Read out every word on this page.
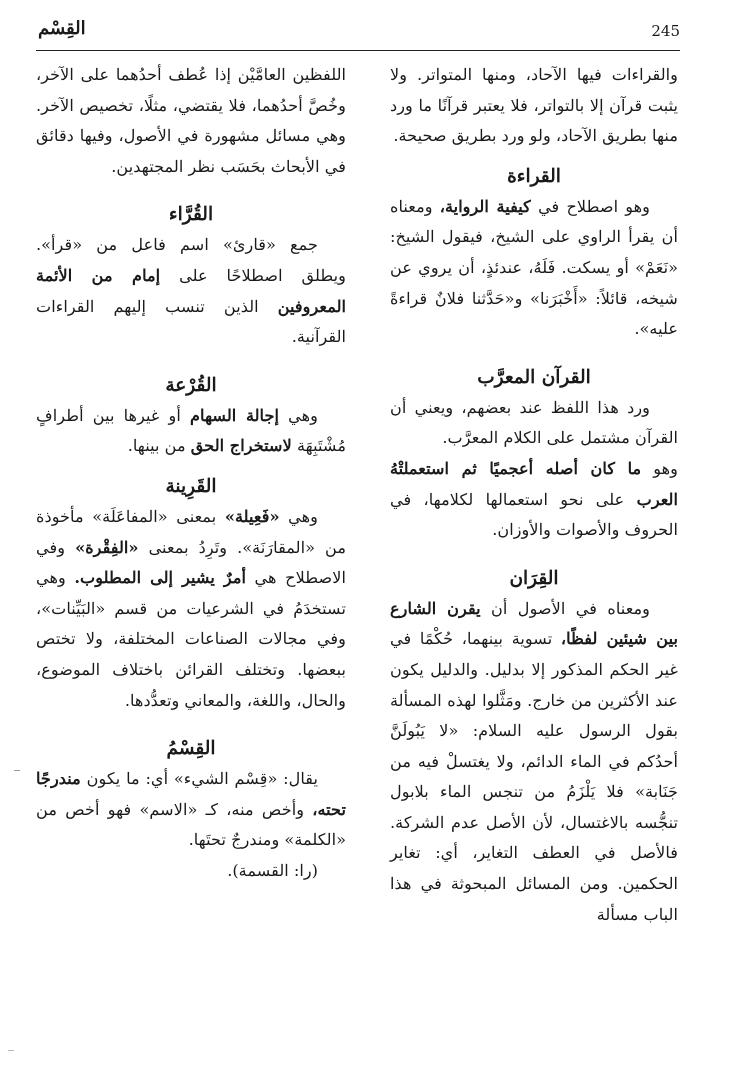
245
القِسْم

والقراءات فيها الآحاد، ومنها المتواتر. ولا يثبت قرآن إلا بالتواتر، فلا يعتبر قرآنًا ما ورد منها بطريق الآحاد، ولو ورد بطريق صحيحة.

القراءة

وهو اصطلاح في كيفية الرواية، ومعناه أن يقرأ الراوي على الشيخ، فيقول الشيخ: «نَعَمْ» أو يسكت. فَلَهُ، عندئذٍ، أن يروي عن شيخه، قائلاً: «أَخْبَرَنا» و«حَدَّثنا فلانٌ قراءةً عليه».

القرآن المعرَّب

ورد هذا اللفظ عند بعضهم، ويعني أن القرآن مشتمل على الكلام المعرَّب.

وهو ما كان أصله أعجميًا ثم استعملتْهُ العرب على نحو استعمالها لكلامها، في الحروف والأصوات والأوزان.

القِرَان

ومعناه في الأصول أن يقرن الشارع بين شيئين لفظًا، تسوية بينهما، حُكْمًا في غير الحكم المذكور إلا بدليل. والدليل يكون عند الأكثرين من خارج. ومَثَّلوا لهذه المسألة بقول الرسول عليه السلام: «لا يَبُولَنَّ أحدُكم في الماء الدائم، ولا يغتسلْ فيه من جَنَابة» فلا يَلْزَمُ من تنجس الماء بلابول تنجُّسه بالاغتسال، لأن الأصل عدم الشركة. فالأصل في العطف التغاير، أي: تغاير الحكمين. ومن المسائل المبحوثة في هذا الباب مسألة

اللفظين العامَّيْن إذا عُطف أحدُهما على الآخر، وخُصَّ أحدُهما، فلا يقتضي، مثلًا، تخصيص الآخر. وهي مسائل مشهورة في الأصول، وفيها دقائق في الأبحاث بحَسَب نظر المجتهدين.

القُرَّاء

جمع «قارئ» اسم فاعل من «قرأ». ويطلق اصطلاحًا على إمام من الأئمة المعروفين الذين تنسب إليهم القراءات القرآنية.

القُرْعة

وهي إجالة السهام أو غيرها بين أطرافٍ مُشْتَبِهَة لاستخراج الحق من بينها.

القَرِينة

وهي «فَعِيلة» بمعنى «المفاعَلَة» مأخوذة من «المقارَنَة». وتَرِدُ بمعنى «الفِقْرة» وفي الاصطلاح هي أمرٌ يشير إلى المطلوب. وهي تستخدَمُ في الشرعيات من قسم «البَيِّنات»، وفي مجالات الصناعات المختلفة، ولا تختص ببعضها. وتختلف القرائن باختلاف الموضوع، والحال، واللغة، والمعاني وتعدُّدها.

القِسْمُ

يقال: «قِسْم الشيء» أي: ما يكون مندرجًا تحته، وأخص منه، كـ «الاسم» فهو أخص من «الكلمة» ومندرجٌ تحتَها.

(را: القسمة).
